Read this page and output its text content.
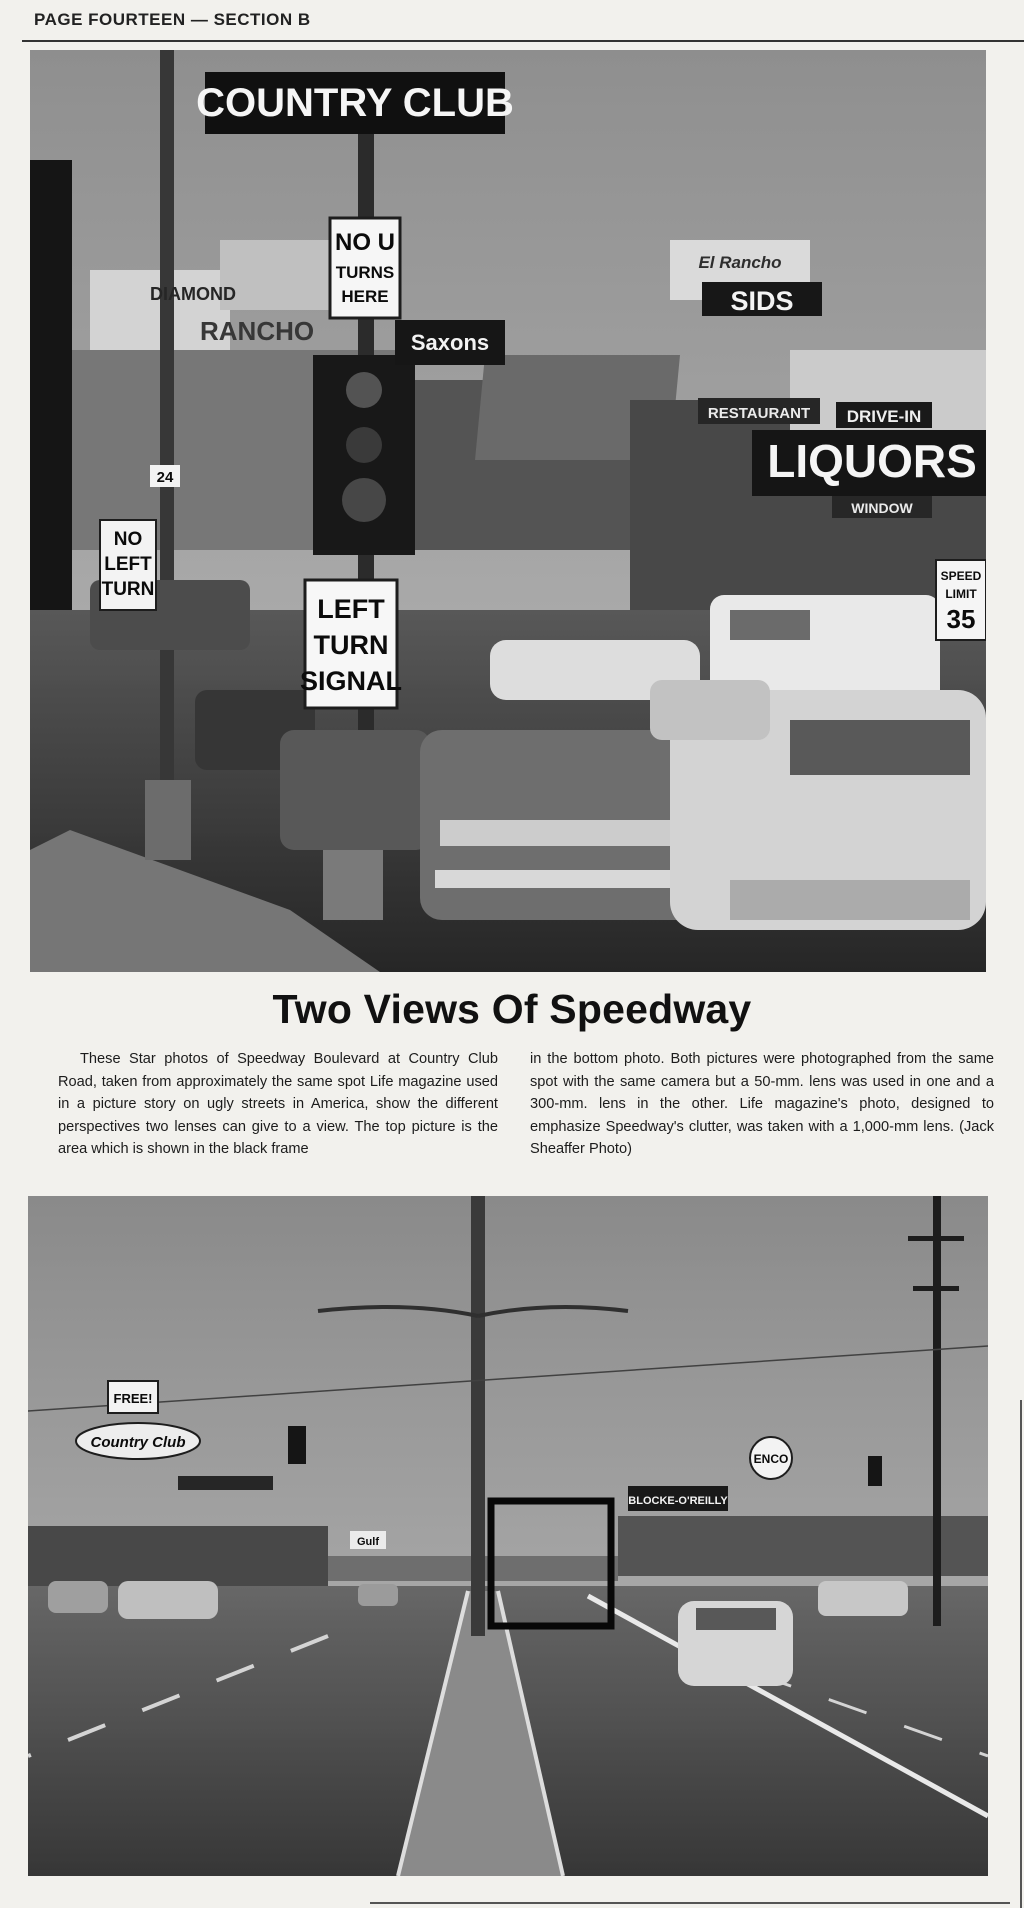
PAGE FOURTEEN — SECTION B
COUNTRY CLUB
NO U
TURNS
HERE
LEFT
TURN
SIGNAL
NO
LEFT
TURN
DIAMOND
RANCHO	Saxons
El Rancho
24
SIDS
RESTAURANT DRIVE-IN
LIQUORS
WINDOW
SPEED
LIMIT
35
Two Views Of Speedway
These Star photos of Speedway Boulevard at Country Club Road, taken from approximately the same spot Life magazine used in a picture story on ugly streets in America, show the different perspectives two lenses can give to a view. The top picture is the area which is shown in the black frame
in the bottom photo. Both pictures were photographed from the same spot with the same camera but a 50-mm. lens was used in one and a 300-mm. lens in the other. Life magazine's photo, designed to emphasize Speedway's clutter, was taken with a 1,000-mm lens. (Jack Sheaffer Photo)
FREE!
Country Club
ENCO
BLOCKE-O'REILLY
Gulf
